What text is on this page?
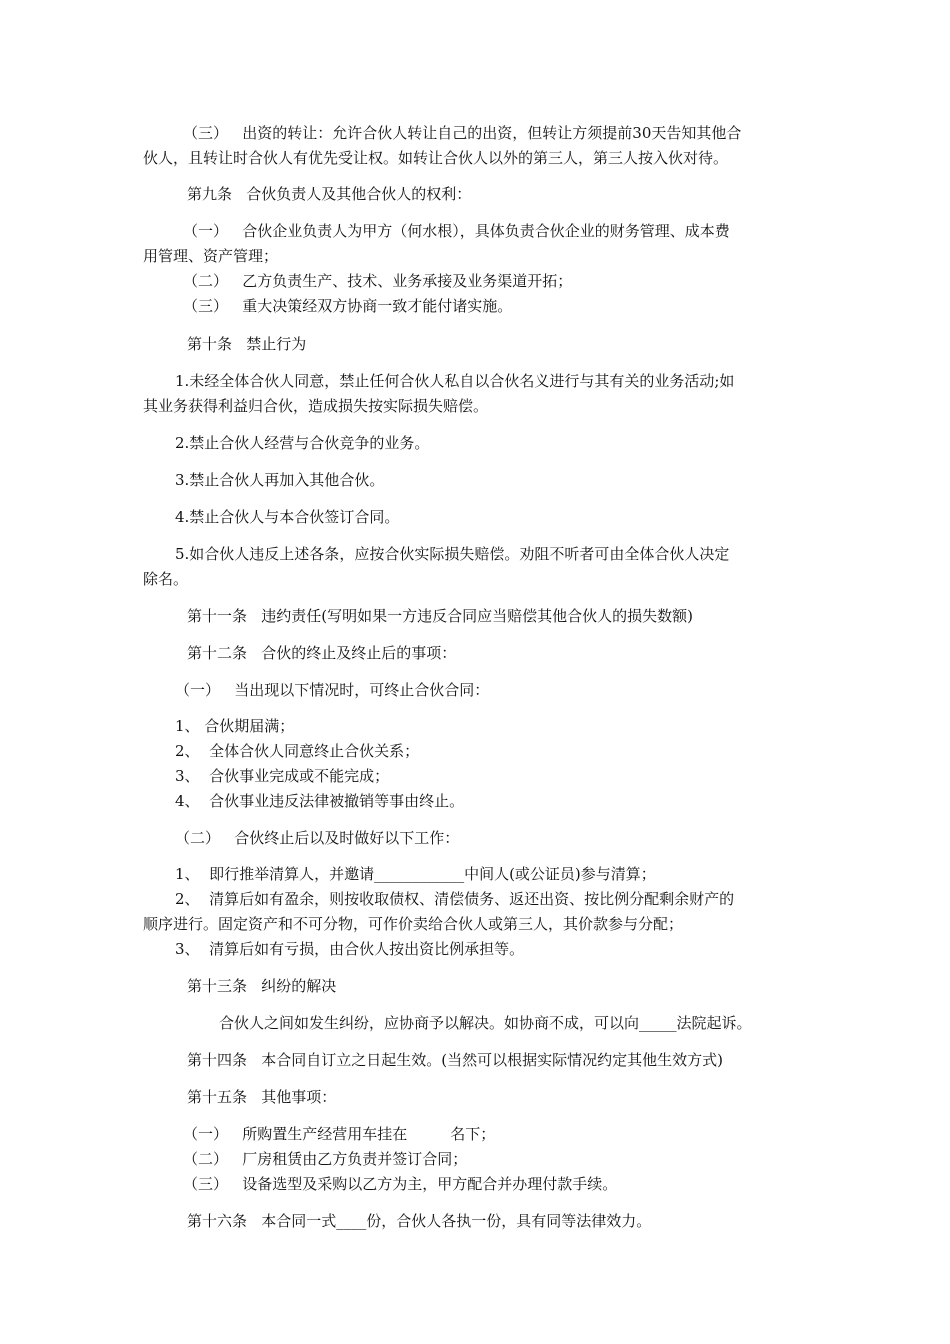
（三）   出资的转让：允许合伙人转让自己的出资，但转让方须提前30天告知其他合
伙人，且转让时合伙人有优先受让权。如转让合伙人以外的第三人，第三人按入伙对待。
第九条   合伙负责人及其他合伙人的权利：
（一）   合伙企业负责人为甲方（何水根），具体负责合伙企业的财务管理、成本费
用管理、资产管理；
（二）   乙方负责生产、技术、业务承接及业务渠道开拓；
（三）   重大决策经双方协商一致才能付诸实施。
第十条   禁止行为
1.未经全体合伙人同意，禁止任何合伙人私自以合伙名义进行与其有关的业务活动;如
其业务获得利益归合伙，造成损失按实际损失赔偿。
2.禁止合伙人经营与合伙竞争的业务。
3.禁止合伙人再加入其他合伙。
4.禁止合伙人与本合伙签订合同。
5.如合伙人违反上述各条，应按合伙实际损失赔偿。劝阻不听者可由全体合伙人决定
除名。
第十一条   违约责任(写明如果一方违反合同应当赔偿其他合伙人的损失数额)
第十二条   合伙的终止及终止后的事项：
（一）   当出现以下情况时，可终止合伙合同：
1、 合伙期届满；
2、  全体合伙人同意终止合伙关系；
3、  合伙事业完成或不能完成；
4、  合伙事业违反法律被撤销等事由终止。
（二）   合伙终止后以及时做好以下工作：
1、  即行推举清算人，并邀请____________中间人(或公证员)参与清算；
2、  清算后如有盈余，则按收取债权、清偿债务、返还出资、按比例分配剩余财产的
顺序进行。固定资产和不可分物，可作价卖给合伙人或第三人，其价款参与分配；
3、  清算后如有亏损，由合伙人按出资比例承担等。
第十三条   纠纷的解决
合伙人之间如发生纠纷，应协商予以解决。如协商不成，可以向_____法院起诉。
第十四条   本合同自订立之日起生效。(当然可以根据实际情况约定其他生效方式)
第十五条   其他事项：
（一）   所购置生产经营用车挂在         名下；
（二）   厂房租赁由乙方负责并签订合同；
（三）   设备选型及采购以乙方为主，甲方配合并办理付款手续。
第十六条   本合同一式____份，合伙人各执一份，具有同等法律效力。
